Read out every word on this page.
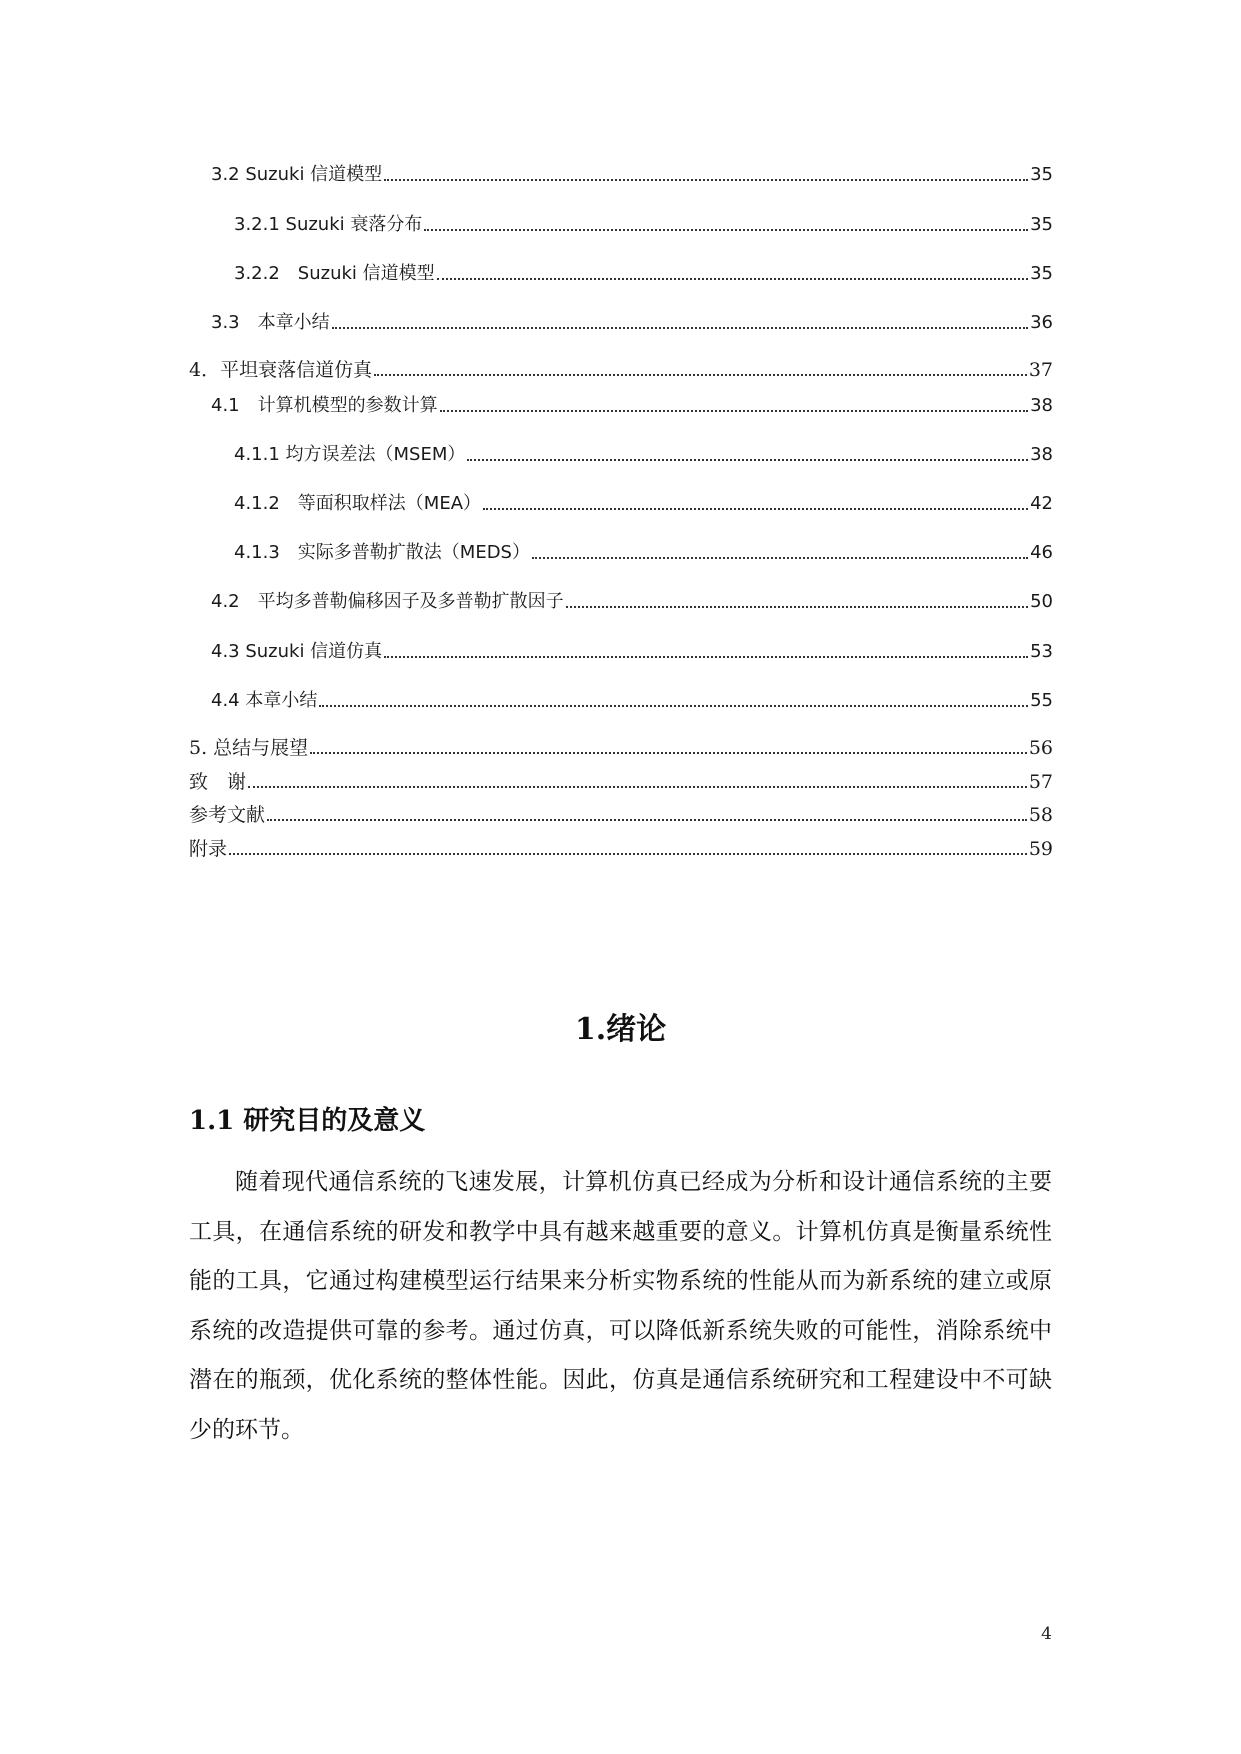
3.2 Suzuki 信道模型	35
3.2.1 Suzuki 衰落分布	35
3.2.2　Suzuki 信道模型	35
3.3　本章小结	36
4．平坦衰落信道仿真	37
4.1　计算机模型的参数计算	38
4.1.1 均方误差法（MSEM）	38
4.1.2　等面积取样法（MEA）	42
4.1.3　实际多普勒扩散法（MEDS）	46
4.2　平均多普勒偏移因子及多普勒扩散因子	50
4.3 Suzuki 信道仿真	53
4.4 本章小结	55
5. 总结与展望	56
致　谢	57
参考文献	58
附录	59
1.绪论
1.1 研究目的及意义

随着现代通信系统的飞速发展，计算机仿真已经成为分析和设计通信系统的主要工具，在通信系统的研发和教学中具有越来越重要的意义。计算机仿真是衡量系统性能的工具，它通过构建模型运行结果来分析实物系统的性能从而为新系统的建立或原系统的改造提供可靠的参考。通过仿真，可以降低新系统失败的可能性，消除系统中潜在的瓶颈，优化系统的整体性能。因此，仿真是通信系统研究和工程建设中不可缺少的环节。

4
